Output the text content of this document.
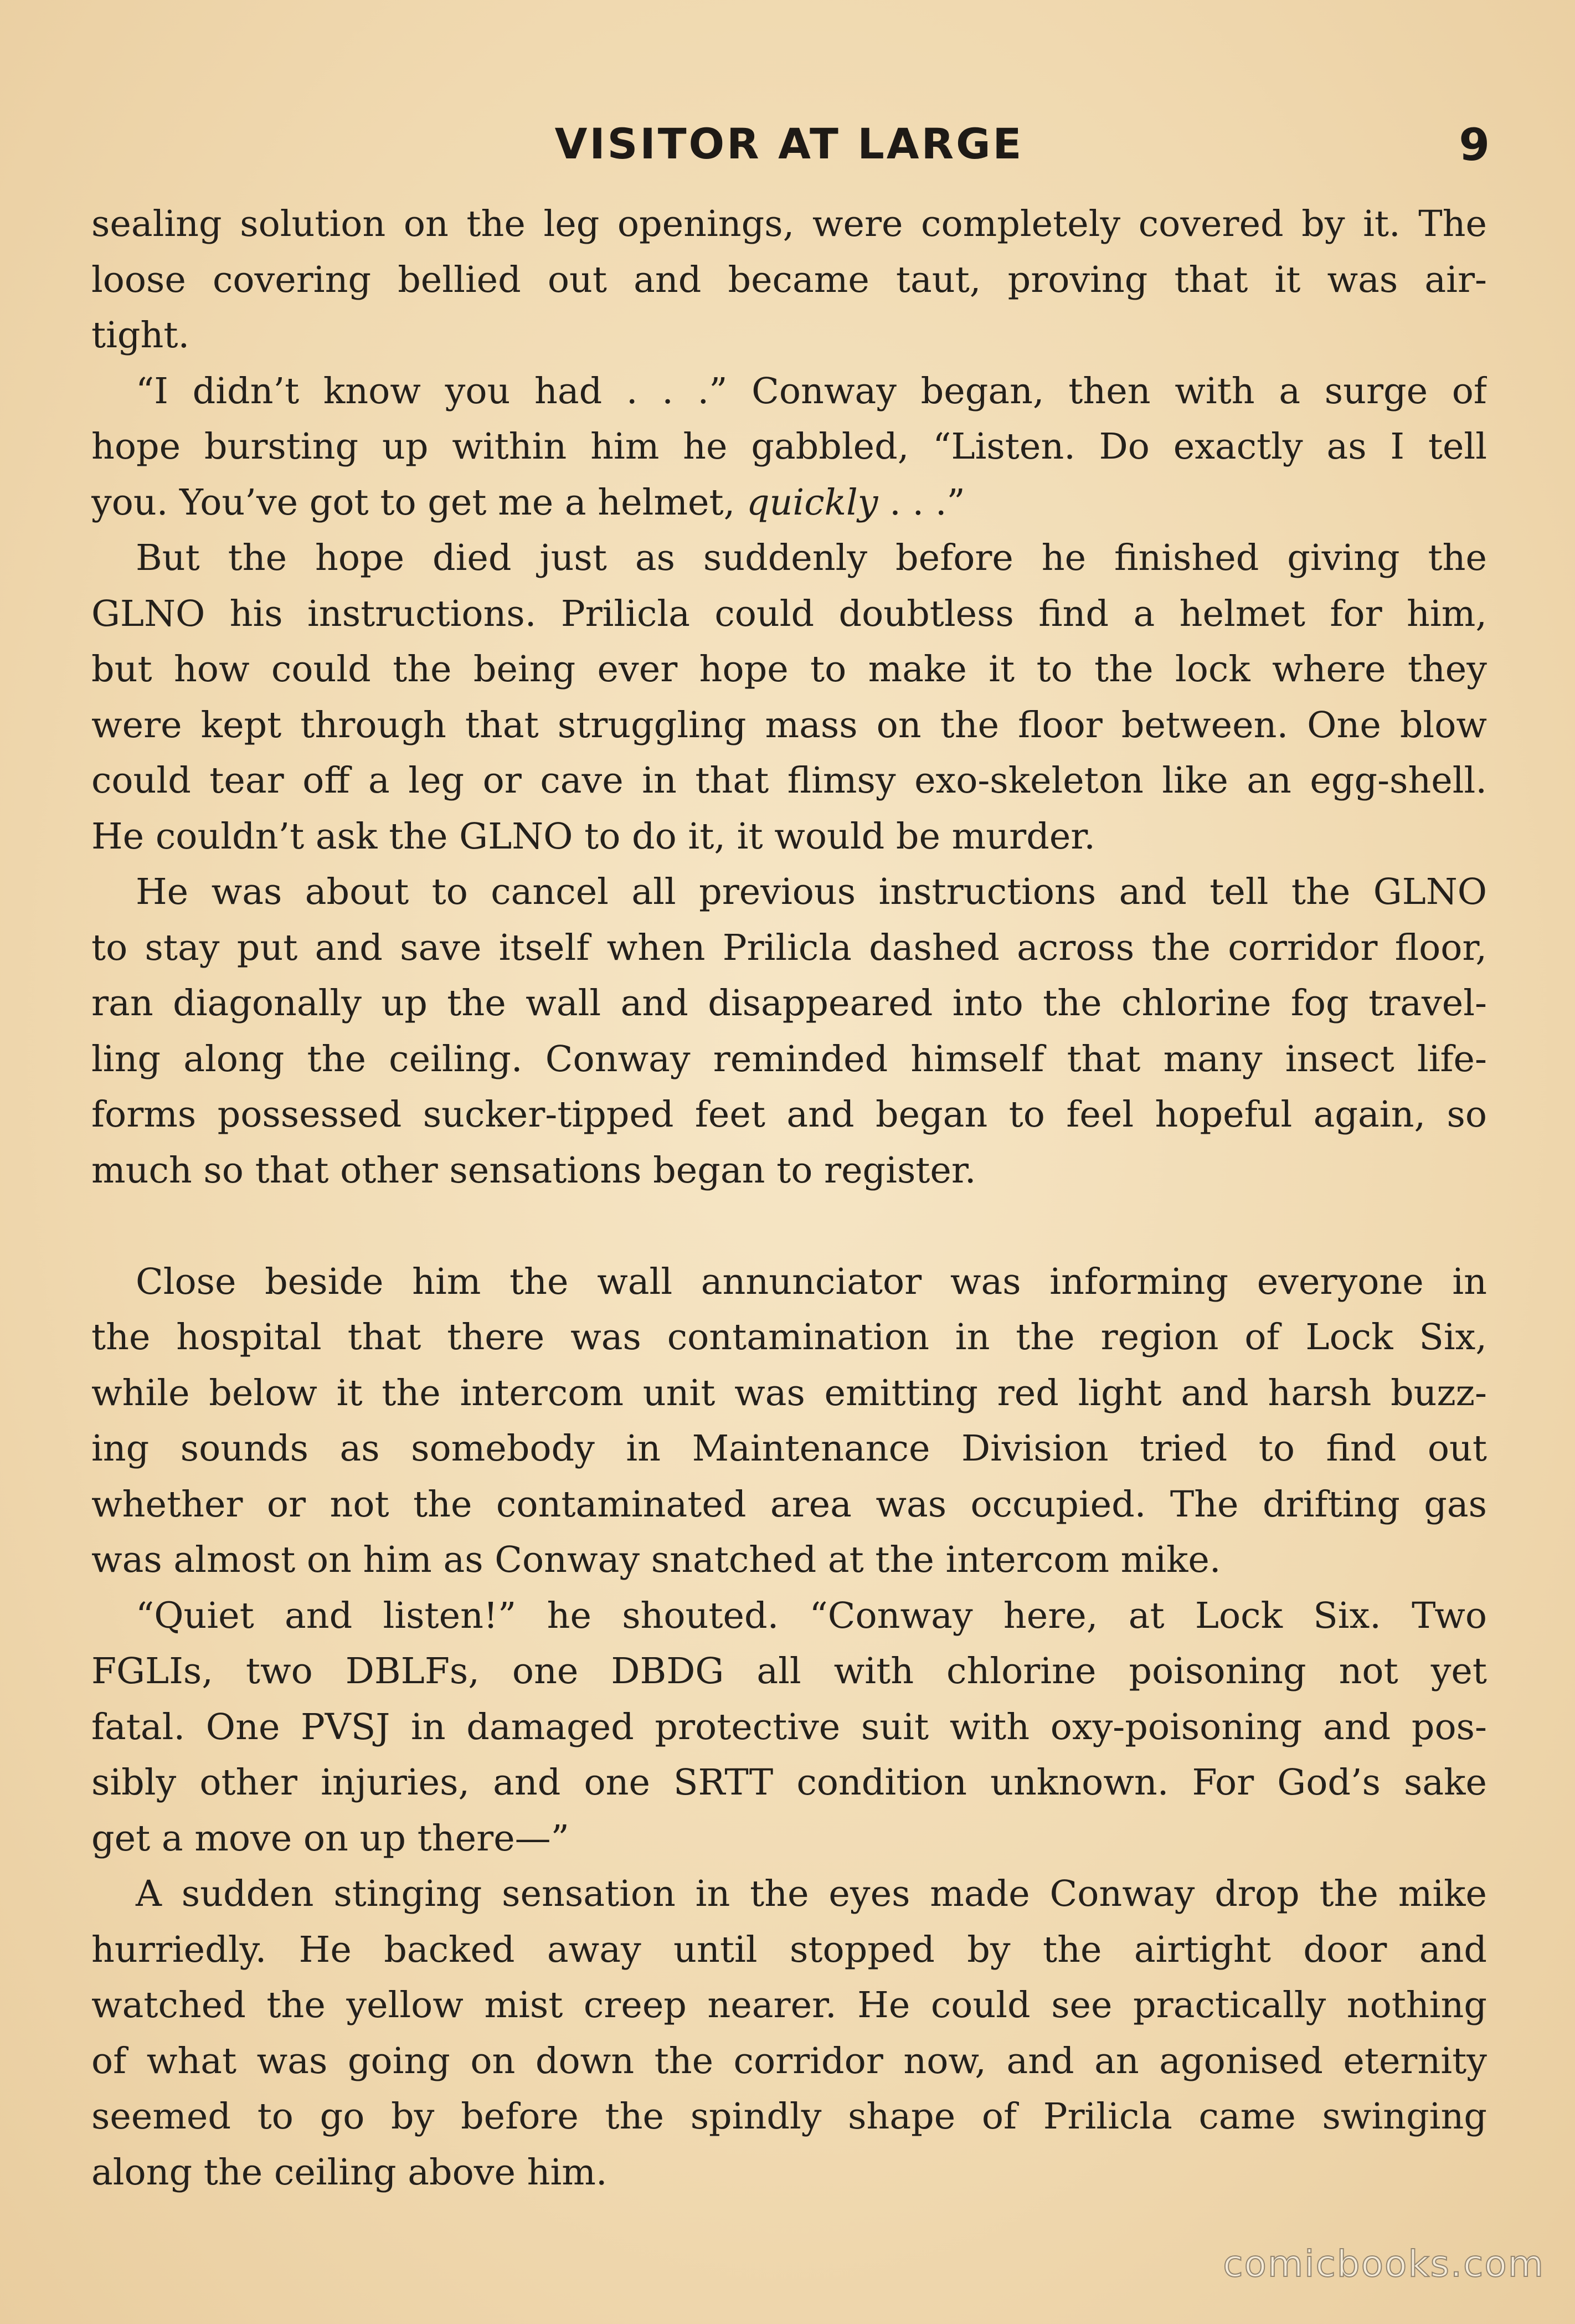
VISITOR AT LARGE	9
sealing solution on the leg openings, were completely covered by it. The
loose covering bellied out and became taut, proving that it was air-
tight.
“I didn’t know you had . . .” Conway began, then with a surge of
hope bursting up within him he gabbled, “Listen. Do exactly as I tell
you. You’ve got to get me a helmet, quickly . . .”
But the hope died just as suddenly before he finished giving the
GLNO his instructions. Prilicla could doubtless find a helmet for him,
but how could the being ever hope to make it to the lock where they
were kept through that struggling mass on the floor between. One blow
could tear off a leg or cave in that flimsy exo-skeleton like an egg-shell.
He couldn’t ask the GLNO to do it, it would be murder.
He was about to cancel all previous instructions and tell the GLNO
to stay put and save itself when Prilicla dashed across the corridor floor,
ran diagonally up the wall and disappeared into the chlorine fog travel-
ling along the ceiling. Conway reminded himself that many insect life-
forms possessed sucker-tipped feet and began to feel hopeful again, so
much so that other sensations began to register.
Close beside him the wall annunciator was informing everyone in
the hospital that there was contamination in the region of Lock Six,
while below it the intercom unit was emitting red light and harsh buzz-
ing sounds as somebody in Maintenance Division tried to find out
whether or not the contaminated area was occupied. The drifting gas
was almost on him as Conway snatched at the intercom mike.
“Quiet and listen!” he shouted. “Conway here, at Lock Six. Two
FGLIs, two DBLFs, one DBDG all with chlorine poisoning not yet
fatal. One PVSJ in damaged protective suit with oxy-poisoning and pos-
sibly other injuries, and one SRTT condition unknown. For God’s sake
get a move on up there—”
A sudden stinging sensation in the eyes made Conway drop the mike
hurriedly. He backed away until stopped by the airtight door and
watched the yellow mist creep nearer. He could see practically nothing
of what was going on down the corridor now, and an agonised eternity
seemed to go by before the spindly shape of Prilicla came swinging
along the ceiling above him.
comicbooks.com
